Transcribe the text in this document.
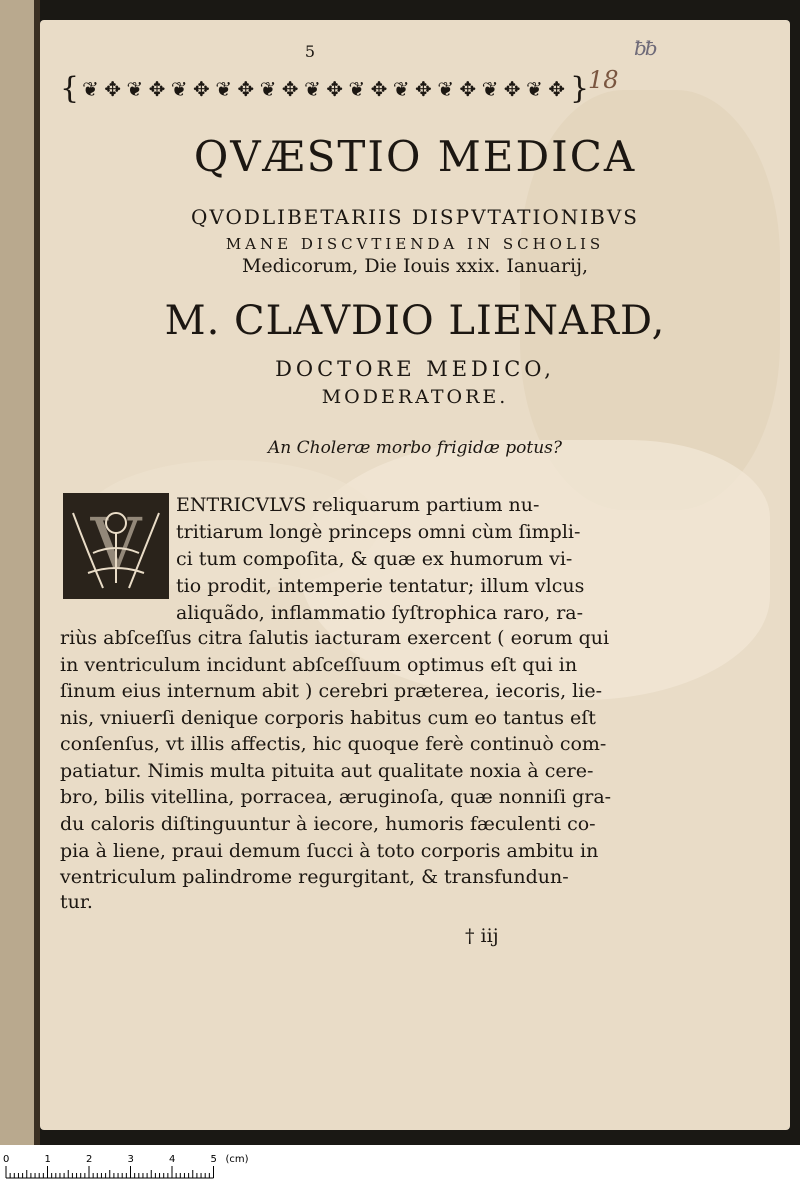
5
18
ƀƀ
{ ❦ ✥ ❦ ✥ ❦ ✥ ❦ ✥ ❦ ✥ ❦ ✥ ❦ ✥ ❦ ✥ ❦ ✥ ❦ ✥ ❦ ✥ }
QVÆSTIO MEDICA
QVODLIBETARIIS DISPVTATIONIBVS
MANE DISCVTIENDA IN SCHOLIS
Medicorum, Die Iouis xxix. Ianuarij,
M. CLAVDIO LIENARD,
DOCTORE MEDICO,
MODERATORE.
An Choleræ morbo frigidæ potus?
V ENTRICVLVS reliquarum partium nu-
tritiarum longè princeps omni cùm ſimpli-
ci tum compoſita, & quæ ex humorum vi-
tio prodit, intemperie tentatur; illum vlcus
aliquãdo, inflammatio ſyſtrophica raro, ra-
riùs abſceſſus citra ſalutis iacturam exercent ( eorum qui
in ventriculum incidunt abſceſſuum optimus eſt qui in
ſinum eius internum abit ) cerebri præterea, iecoris, lie-
nis, vniuerſi denique corporis habitus cum eo tantus eſt
conſenſus, vt illis affectis, hic quoque ferè continuò com-
patiatur. Nimis multa pituita aut qualitate noxia à cere-
bro, bilis vitellina, porracea, æruginoſa, quæ nonniſi gra-
du caloris diſtinguuntur à iecore, humoris fæculenti co-
pia à liene, praui demum ſucci à toto corporis ambitu in
ventriculum palindrome regurgitant, & transfundun-
tur.
† iij
0	1	2	3	4	5 (cm)
